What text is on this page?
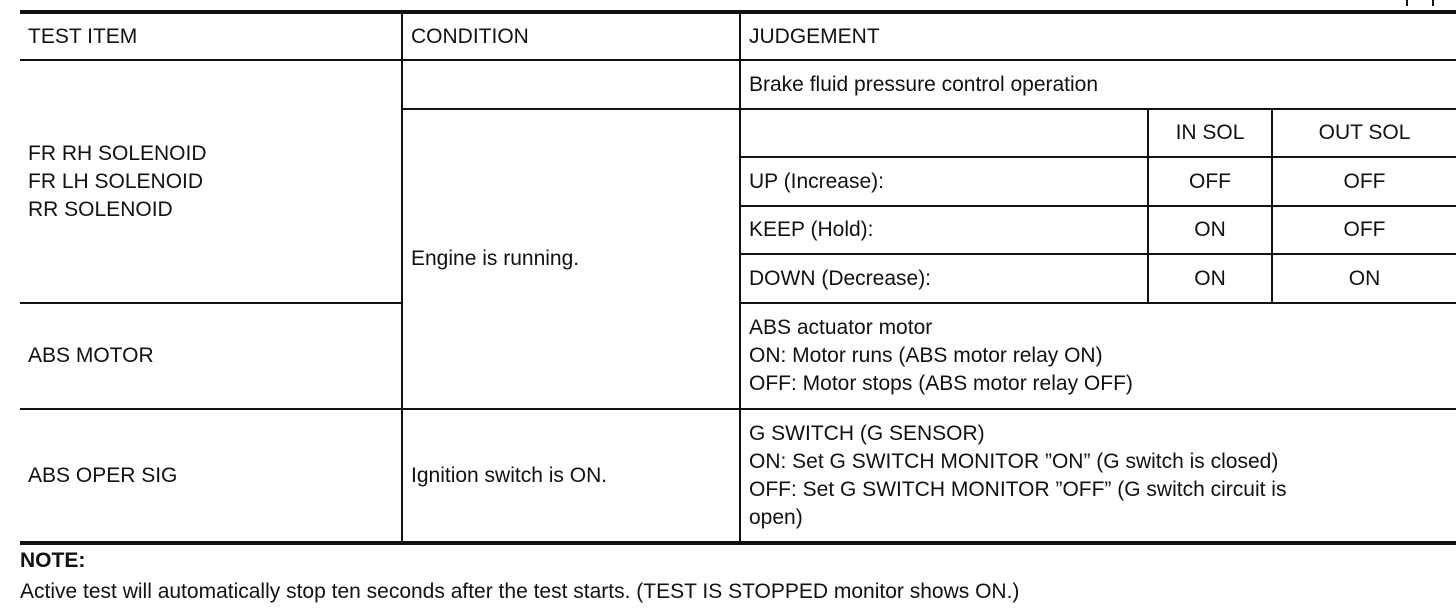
TEST ITEM	CONDITION	JUDGEMENT		

FR RH SOLENOID
FR LH SOLENOID
RR SOLENOID		Brake fluid pressure control operation		
	Engine is running.		IN SOL	OUT SOL
		UP (Increase):	OFF	OFF
		KEEP (Hold):	ON	OFF
		DOWN (Decrease):	ON	ON
ABS MOTOR		ABS actuator motor
ON: Motor runs (ABS motor relay ON)
OFF: Motor stops (ABS motor relay OFF)		

ABS OPER SIG	Ignition switch is ON.	G SWITCH (G SENSOR)
ON: Set G SWITCH MONITOR ”ON” (G switch is closed)
OFF: Set G SWITCH MONITOR ”OFF” (G switch circuit is
open)		
NOTE:
Active test will automatically stop ten seconds after the test starts. (TEST IS STOPPED monitor shows ON.)
